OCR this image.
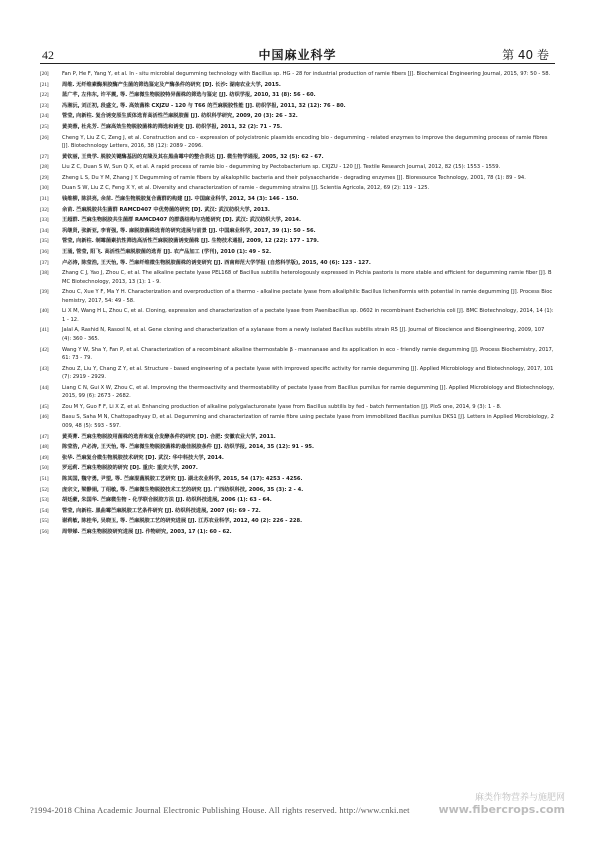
42	中国麻业科学	第 40 卷
[20]	Fan P, He F, Yang Y, et al. In - situ microbial degumming technology with Bacillus sp. HG - 28 for industrial production of ramie fibers [J]. Biochemical Engineering Journal, 2015, 97: 50 - 58.
[21]	周维. 无纤维素酶果胶酶产生菌的筛选鉴定及产酶条件的研究 [D]. 长沙: 湖南农业大学, 2015.
[22]	蓝广芊, 左伟东, 许平震, 等. 苎麻微生物脱胶特异菌株的筛选与鉴定 [J]. 纺织学报, 2010, 31 (8): 56 - 60.
[23]	冯湘沅, 刘正初, 段盛文, 等. 高效菌株 CXJZU - 120 与 T66 的苎麻脱胶性能 [J]. 纺织学报, 2011, 32 (12): 76 - 80.
[24]	管莹, 向新柱. 复合诱变原生质体选育高活性苎麻脱胶菌 [J]. 纺织科学研究, 2009, 20 (3): 26 - 32.
[25]	黄美蓉, 杜兆芳. 苎麻高效生物脱胶菌株的筛选和诱变 [J]. 纺织学报, 2011, 32 (2): 71 - 75.
[26]	Cheng Y, Liu Z C, Zeng J, et al. Construction and co - expression of polycistronic plasmids encoding bio - degumming - related enzymes to improve the degumming process of ramie fibres [J]. Biotechnology Letters, 2016, 38 (12): 2089 - 2096.
[27]	黄钦丽, 王贵学. 脱胶关键酶基因的克隆及其在黑曲霉中的整合表达 [J]. 微生物学通报, 2005, 32 (5): 62 - 67.
[28]	Liu Z C, Duan S W, Sun Q X, et al. A rapid process of ramie bio - degumming by Pectobacterium sp. CXJZU - 120 [J]. Textile Research Journal, 2012, 82 (15): 1553 - 1559.
[29]	Zheng L S, Du Y M, Zhang J Y. Degumming of ramie fibers by alkalophilic bacteria and their polysaccharide - degrading enzymes [J]. Bioresource Technology, 2001, 78 (1): 89 - 94.
[30]	Duan S W, Liu Z C, Feng X Y, et al. Diversity and characterization of ramie - degumming strains [J]. Scientia Agricola, 2012, 69 (2): 119 - 125.
[31]	钱维柳, 陈洪亮, 余苗. 苎麻生物脱胶复合菌群的构建 [J]. 中国麻业科学, 2012, 34 (3): 146 - 150.
[32]	余苗. 苎麻脱胶共生菌群 RAMCD407 中优势菌的研究 [D]. 武汉: 武汉纺织大学, 2013.
[33]	王超群. 苎麻生物脱胶共生菌群 RAMCD407 的群落结构与功能研究 [D]. 武汉: 武汉纺织大学, 2014.
[34]	巩继贤, 张新亚, 李育强, 等. 麻脱胶菌株选育的研究进展与前景 [J]. 中国麻业科学, 2017, 39 (1): 50 - 56.
[35]	管莹, 向新柱. 制霉菌素抗性筛选高活性苎麻脱胶菌诱变菌株 [J]. 生物技术通报, 2009, 12 (22): 177 - 179.
[36]	王涌, 管莹, 阳飞. 高活性苎麻脱胶菌的选育 [J]. 农产品加工 (学刊), 2010 (1): 49 - 52.
[37]	卢必涛, 陈莹浩, 王天怡, 等. 苎麻纤维微生物脱胶菌株的诱变研究 [J]. 西南师范大学学报 (自然科学版), 2015, 40 (6): 123 - 127.
[38]	Zhang C J, Yao J, Zhou C, et al. The alkaline pectate lyase PEL168 of Bacillus subtilis heterologously expressed in Pichia pastoris is more stable and efficient for degumming ramie fiber [J]. BMC Biotechnology, 2013, 13 (1): 1 - 9.
[39]	Zhou C, Xue Y F, Ma Y H. Characterization and overproduction of a thermo - alkaline pectate lyase from alkaliphilic Bacillus licheniformis with potential in ramie degumming [J]. Process Biochemistry, 2017, 54: 49 - 58.
[40]	Li X M, Wang H L, Zhou C, et al. Cloning, expression and characterization of a pectate lyase from Paenibacillus sp. 0602 in recombinant Escherichia coli [J]. BMC Biotechnology, 2014, 14 (1): 1 - 12.
[41]	Jalal A, Rashid N, Rasool N, et al. Gene cloning and characterization of a xylanase from a newly isolated Bacillus subtilis strain R5 [J]. Journal of Bioscience and Bioengineering, 2009, 107 (4): 360 - 365.
[42]	Wang Y W, Sha Y, Fan P, et al. Characterization of a recombinant alkaline thermostable β - mannanase and its application in eco - friendly ramie degumming [J]. Process Biochemistry, 2017, 61: 73 - 79.
[43]	Zhou Z, Liu Y, Chang Z Y, et al. Structure - based engineering of a pectate lyase with improved specific activity for ramie degumming [J]. Applied Microbiology and Biotechnology, 2017, 101 (7): 2919 - 2929.
[44]	Liang C N, Gui X W, Zhou C, et al. Improving the thermoactivity and thermostability of pectate lyase from Bacillus pumilus for ramie degumming [J]. Applied Microbiology and Biotechnology, 2015, 99 (6): 2673 - 2682.
[45]	Zou M Y, Guo F F, Li X Z, et al. Enhancing production of alkaline polygalacturonate lyase from Bacillus subtilis by fed - batch fermentation [J]. PloS one, 2014, 9 (3): 1 - 8.
[46]	Basu S, Saha M N, Chattopadhyay D, et al. Degumming and characterization of ramie fibre using pectate lyase from immobilized Bacillus pumilus DKS1 [J]. Letters in Applied Microbiology, 2009, 48 (5): 593 - 597.
[47]	黄英菁. 苎麻生物脱胶用菌株的选育和复合发酵条件的研究 [D]. 合肥: 安徽农业大学, 2011.
[48]	陈莹浩, 卢必涛, 王天怡, 等. 苎麻微生物脱胶菌株的最佳脱胶条件 [J]. 纺织学报, 2014, 35 (12): 91 - 95.
[49]	张华. 苎麻复合微生物脱胶技术研究 [D]. 武汉: 华中科技大学, 2014.
[50]	罗远莉. 苎麻生物脱胶的研究 [D]. 重庆: 重庆大学, 2007.
[51]	陈其国, 魏守勇, 尹望, 等. 苎麻混菌脱胶工艺研究 [J]. 湖北农业科学, 2015, 54 (17): 4253 - 4256.
[52]	庞宗文, 梁静娟, 丁绍敏, 等. 苎麻微生物脱胶技术工艺的研究 [J]. 广西纺织科技, 2006, 35 (3): 2 - 4.
[53]	胡廷豪, 朱国华. 苎麻微生物 - 化学联合脱胶方法 [J]. 纺织科技进展, 2006 (1): 63 - 64.
[54]	管莹, 向新柱. 黑曲霉苎麻脱胶工艺条件研究 [J]. 纺织科技进展, 2007 (6): 69 - 72.
[55]	谢莉敏, 陈桂华, 吴晓玉, 等. 苎麻脱胶工艺的研究进展 [J]. 江苏农业科学, 2012, 40 (2): 226 - 228.
[56]	周带娣. 苎麻生物脱胶研究进展 [J]. 作物研究, 2003, 17 (1): 60 - 62.
?1994-2018 China Academic Journal Electronic Publishing House. All rights reserved. http://www.cnki.net
麻类作物营养与施肥网
www.fibercrops.com
